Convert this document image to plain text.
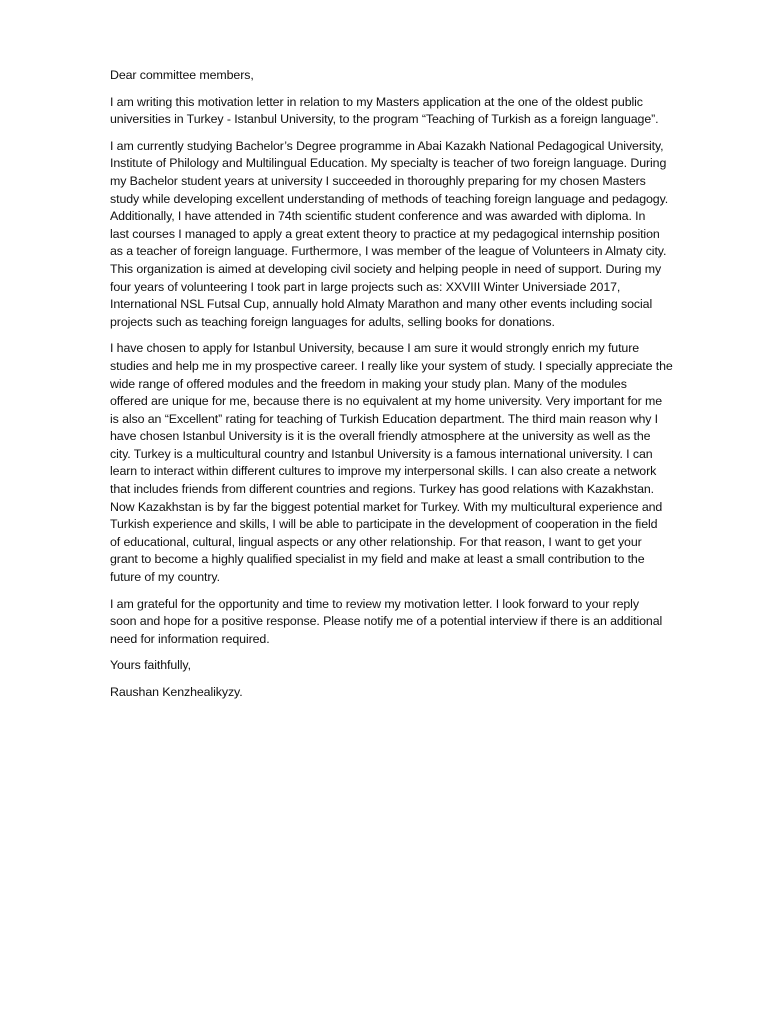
Dear committee members,

I am writing this motivation letter in relation to my Masters application at the one of the oldest public
universities in Turkey - Istanbul University, to the program “Teaching of Turkish as a foreign language”.

I am currently studying Bachelor’s Degree programme in Abai Kazakh National Pedagogical University,
Institute of Philology and Multilingual Education. My specialty is teacher of two foreign language. During
my Bachelor student years at university I succeeded in thoroughly preparing for my chosen Masters
study while developing excellent understanding of methods of teaching foreign language and pedagogy.
Additionally, I have attended in 74th scientific student conference and was awarded with diploma. In
last courses I managed to apply a great extent theory to practice at my pedagogical internship position
as a teacher of foreign language. Furthermore, I was member of the league of Volunteers in Almaty city.
This organization is aimed at developing civil society and helping people in need of support. During my
four years of volunteering I took part in large projects such as: XXVIII Winter Universiade 2017,
International NSL Futsal Cup, annually hold Almaty Marathon and many other events including social
projects such as teaching foreign languages for adults, selling books for donations.

I have chosen to apply for Istanbul University, because I am sure it would strongly enrich my future
studies and help me in my prospective career. I really like your system of study. I specially appreciate the
wide range of offered modules and the freedom in making your study plan. Many of the modules
offered are unique for me, because there is no equivalent at my home university. Very important for me
is also an “Excellent” rating for teaching of Turkish Education department. The third main reason why I
have chosen Istanbul University is it is the overall friendly atmosphere at the university as well as the
city. Turkey is a multicultural country and Istanbul University is a famous international university. I can
learn to interact within different cultures to improve my interpersonal skills. I can also create a network
that includes friends from different countries and regions. Turkey has good relations with Kazakhstan.
Now Kazakhstan is by far the biggest potential market for Turkey. With my multicultural experience and
Turkish experience and skills, I will be able to participate in the development of cooperation in the field
of educational, cultural, lingual aspects or any other relationship. For that reason, I want to get your
grant to become a highly qualified specialist in my field and make at least a small contribution to the
future of my country.

I am grateful for the opportunity and time to review my motivation letter. I look forward to your reply
soon and hope for a positive response. Please notify me of a potential interview if there is an additional
need for information required.

Yours faithfully,

Raushan Kenzhealikyzy.
